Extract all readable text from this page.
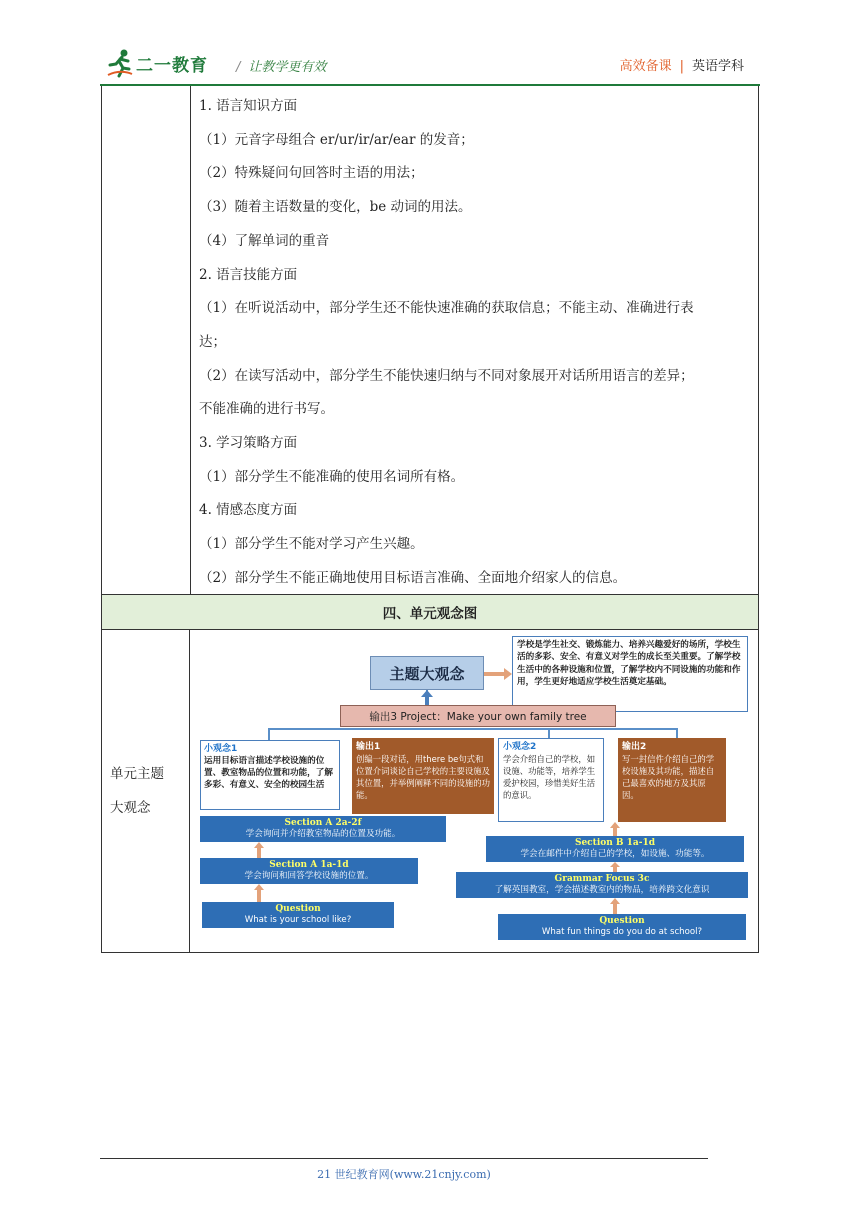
二一教育 / 让教学更有效	高效备课 | 英语学科
1. 语言知识方面
（1）元音字母组合 er/ur/ir/ar/ear 的发音；
（2）特殊疑问句回答时主语的用法；
（3）随着主语数量的变化，be 动词的用法。
（4）了解单词的重音
2. 语言技能方面
（1）在听说活动中，部分学生还不能快速准确的获取信息；不能主动、准确进行表
达；
（2）在读写活动中，部分学生不能快速归纳与不同对象展开对话所用语言的差异；
不能准确的进行书写。
3. 学习策略方面
（1）部分学生不能准确的使用名词所有格。
4. 情感态度方面
（1）部分学生不能对学习产生兴趣。
（2）部分学生不能正确地使用目标语言准确、全面地介绍家人的信息。
四、单元观念图
单元主题
大观念
主题大观念
学校是学生社交、锻炼能力、培养兴趣爱好的场所，学校生活的多彩、安全、有意义对学生的成长至关重要。了解学校生活中的各种设施和位置，了解学校内不同设施的功能和作用，学生更好地适应学校生活奠定基础。
输出3 Project：Make your own family tree
小观念1
运用目标语言描述学校设施的位置、教室物品的位置和功能，了解多彩、有意义、安全的校园生活
输出1
创编一段对话，用there be句式和位置介词谈论自己学校的主要设施及其位置，并举例阐释不同的设施的功能。
小观念2
学会介绍自己的学校，如设施、功能等，培养学生爱护校园，珍惜美好生活的意识。
输出2
写一封信件介绍自己的学校设施及其功能，描述自己最喜欢的地方及其原因。
Section A 2a-2f
学会询问并介绍教室物品的位置及功能。
Section A 1a-1d
学会询问和回答学校设施的位置。
Question
What is your school like?
Section B 1a-1d
学会在邮件中介绍自己的学校，如设施、功能等。
Grammar Focus 3c
了解英国教室，学会描述教室内的物品，培养跨文化意识
Question
What fun things do you do at school?
21 世纪教育网(www.21cnjy.com)
